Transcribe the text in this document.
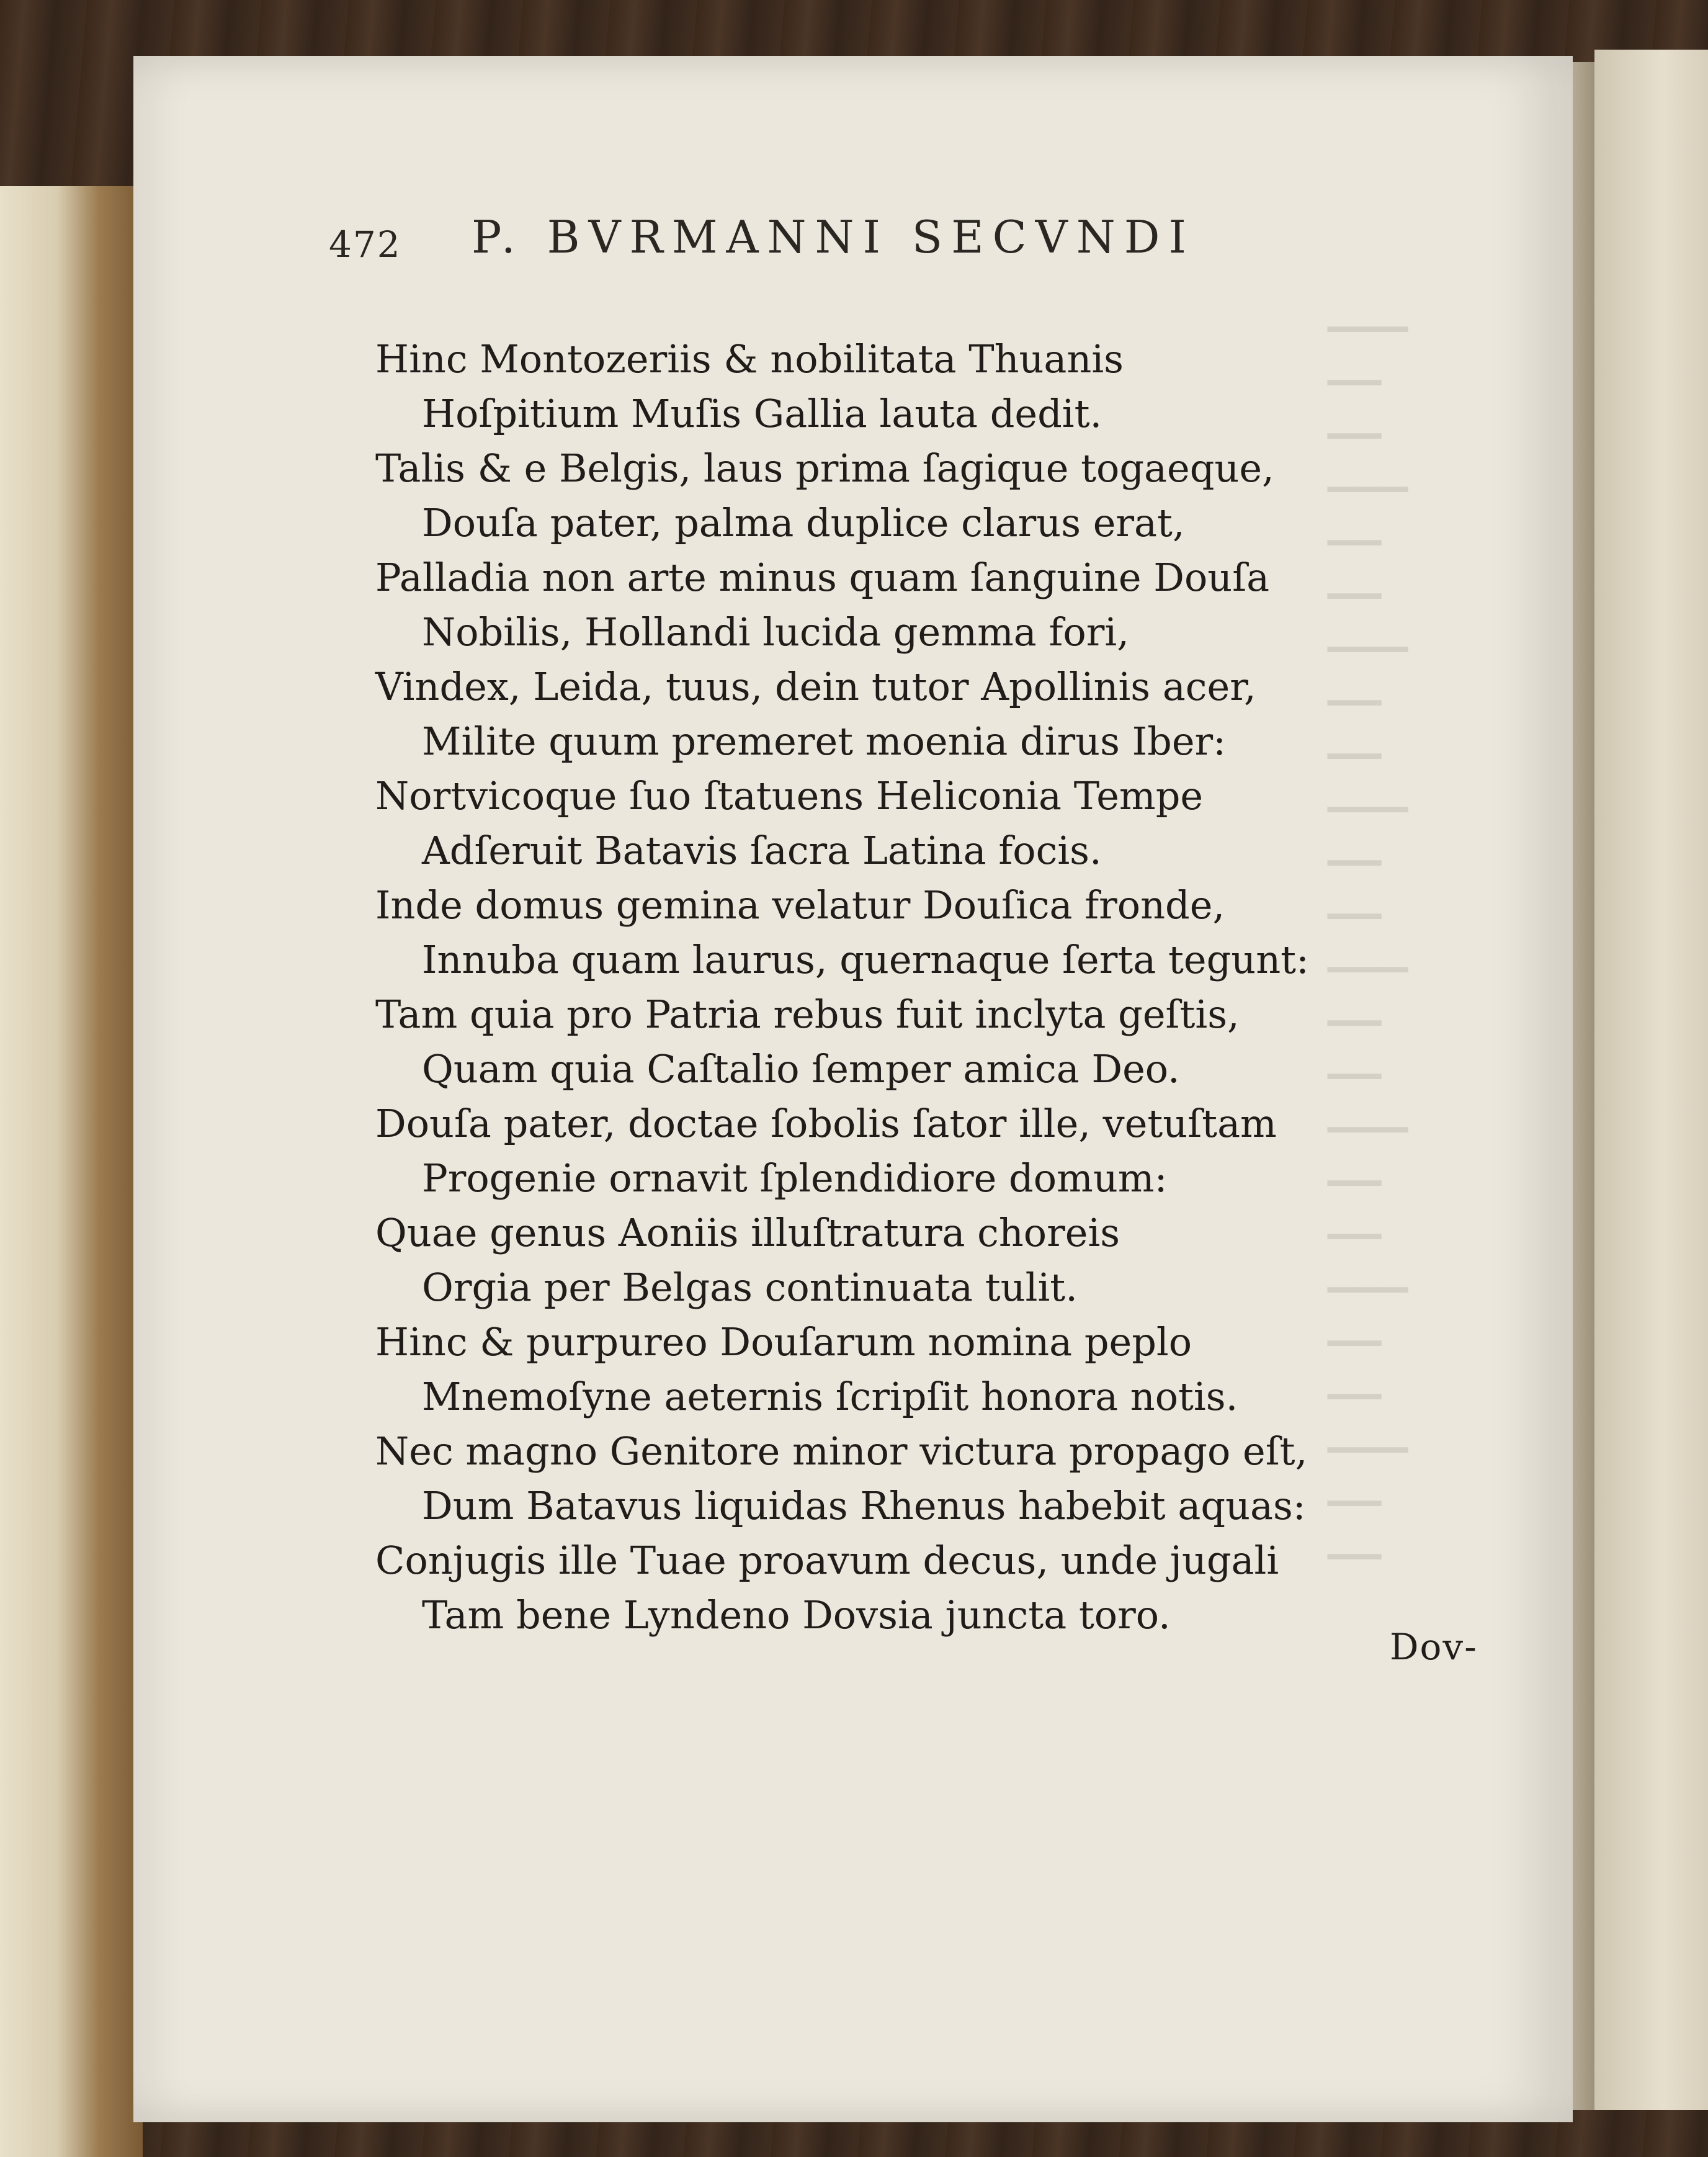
▁▁▁
▁▁
▁▁
▁▁▁
▁▁
▁▁
▁▁▁
▁▁
▁▁
▁▁▁
▁▁
▁▁
▁▁▁
▁▁
▁▁
▁▁▁
▁▁
▁▁
▁▁▁
▁▁
▁▁
▁▁▁
▁▁
▁▁
472 P. BVRMANNI SECVNDI
Hinc Montozeriis & nobilitata Thuanis
Hoſpitium Muſis Gallia lauta dedit.
Talis & e Belgis, laus prima ſagique togaeque,
Douſa pater, palma duplice clarus erat,
Palladia non arte minus quam ſanguine Douſa
Nobilis, Hollandi lucida gemma fori,
Vindex, Leida, tuus, dein tutor Apollinis acer,
Milite quum premeret moenia dirus Iber:
Nortvicoque ſuo ſtatuens Heliconia Tempe
Adſeruit Batavis ſacra Latina focis.
Inde domus gemina velatur Douſica fronde,
Innuba quam laurus, quernaque ſerta tegunt:
Tam quia pro Patria rebus fuit inclyta geſtis,
Quam quia Caſtalio ſemper amica Deo.
Douſa pater, doctae ſobolis ſator ille, vetuſtam
Progenie ornavit ſplendidiore domum:
Quae genus Aoniis illuſtratura choreis
Orgia per Belgas continuata tulit.
Hinc & purpureo Douſarum nomina peplo
Mnemoſyne aeternis ſcripſit honora notis.
Nec magno Genitore minor victura propago eſt,
Dum Batavus liquidas Rhenus habebit aquas:
Conjugis ille Tuae proavum decus, unde jugali
Tam bene Lyndeno Dovsia juncta toro.
Dov-
